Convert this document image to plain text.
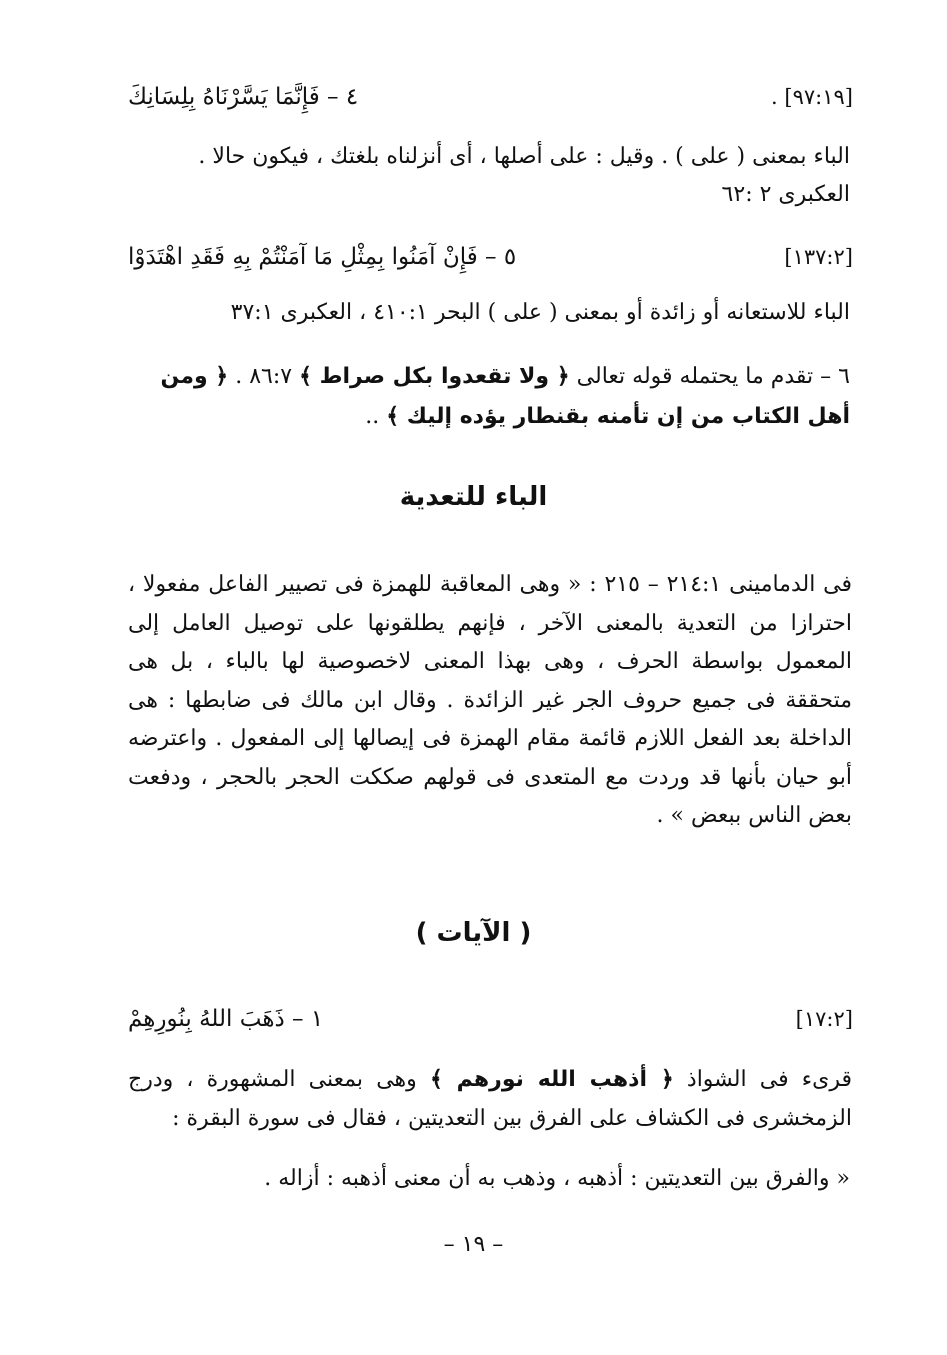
٤ – فَإِنَّمَا يَسَّرْنَاهُ بِلِسَانِكَ	[٩٧:١٩] .
الباء بمعنى ( على ) . وقيل : على أصلها ، أى أنزلناه بلغتك ، فيكون حالا .
العكبرى ٢ :٦٢
٥ – فَإِنْ آمَنُوا بِمِثْلِ مَا آمَنْتُمْ بِهِ فَقَدِ اهْتَدَوْا	[١٣٧:٢]
الباء للاستعانه أو زائدة أو بمعنى ( على ) البحر ٤١٠:١ ، العكبرى ٣٧:١
٦ – تقدم ما يحتمله قوله تعالى ﴿ ولا تقعدوا بكل صراط ﴾ ٨٦:٧ . ﴿ ومن
أهل الكتاب من إن تأمنه بقنطار يؤده إليك ﴾ ..
الباء للتعدية
فى الدمامينى ٢١٤:١ – ٢١٥ : « وهى المعاقبة للهمزة فى تصيير الفاعل مفعولا ، احترازا من التعدية بالمعنى الآخر ، فإنهم يطلقونها على توصيل العامل إلى المعمول بواسطة الحرف ، وهى بهذا المعنى لاخصوصية لها بالباء ، بل هى متحققة فى جميع حروف الجر غير الزائدة . وقال ابن مالك فى ضابطها : هى الداخلة بعد الفعل اللازم قائمة مقام الهمزة فى إيصالها إلى المفعول . واعترضه أبو حيان بأنها قد وردت مع المتعدى فى قولهم صككت الحجر بالحجر ، ودفعت بعض الناس ببعض » .
( الآيات )
١ – ذَهَبَ اللهُ بِنُورِهِمْ	[١٧:٢]
قرىء فى الشواذ ﴿ أذهب الله نورهم ﴾ وهى بمعنى المشهورة ، ودرج الزمخشرى فى الكشاف على الفرق بين التعديتين ، فقال فى سورة البقرة :
« والفرق بين التعديتين : أذهبه ، وذهب به أن معنى أذهبه : أزاله .
– ١٩ –
